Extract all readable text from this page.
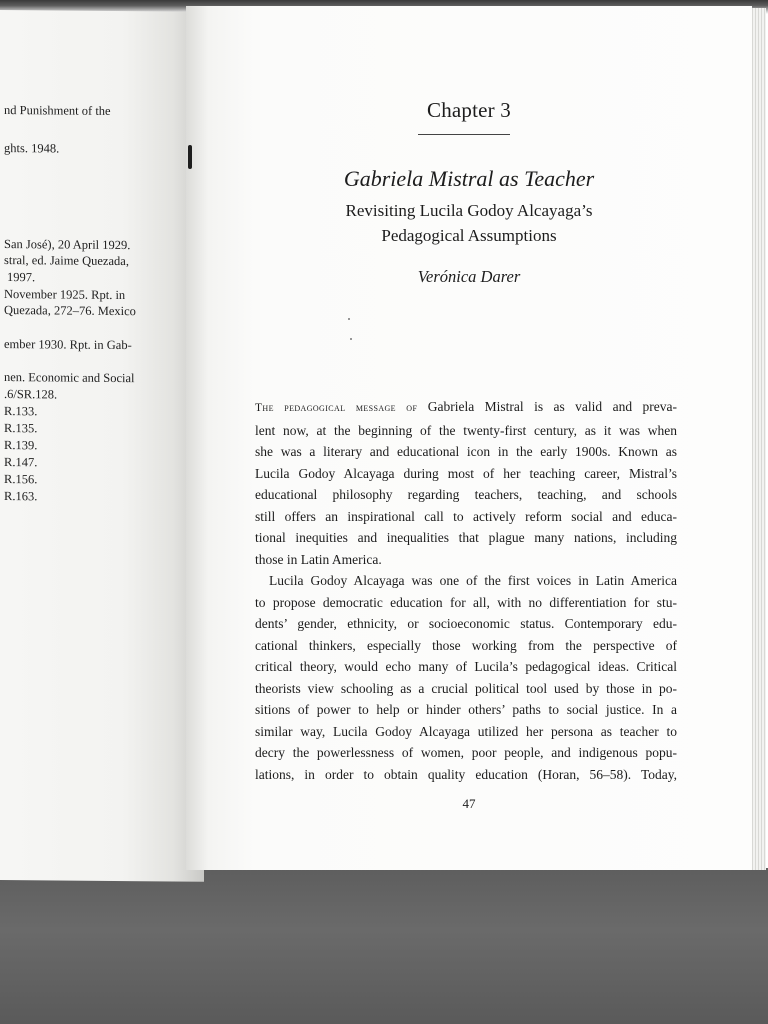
nd Punishment of the
ghts. 1948.
San José), 20 April 1929.
stral, ed. Jaime Quezada,
1997.
November 1925. Rpt. in
Quezada, 272–76. Mexico
ember 1930. Rpt. in Gab-
nen. Economic and Social
.6/SR.128.
R.133.
R.135.
R.139.
R.147.
R.156.
R.163.
Chapter 3
Gabriela Mistral as Teacher
Revisiting Lucila Godoy Alcayaga’s
Pedagogical Assumptions
Verónica Darer
The pedagogical message of Gabriela Mistral is as valid and preva-
lent now, at the beginning of the twenty-first century, as it was when
she was a literary and educational icon in the early 1900s. Known as
Lucila Godoy Alcayaga during most of her teaching career, Mistral’s
educational philosophy regarding teachers, teaching, and schools
still offers an inspirational call to actively reform social and educa-
tional inequities and inequalities that plague many nations, including
those in Latin America.
Lucila Godoy Alcayaga was one of the first voices in Latin America
to propose democratic education for all, with no differentiation for stu-
dents’ gender, ethnicity, or socioeconomic status. Contemporary edu-
cational thinkers, especially those working from the perspective of
critical theory, would echo many of Lucila’s pedagogical ideas. Critical
theorists view schooling as a crucial political tool used by those in po-
sitions of power to help or hinder others’ paths to social justice. In a
similar way, Lucila Godoy Alcayaga utilized her persona as teacher to
decry the powerlessness of women, poor people, and indigenous popu-
lations, in order to obtain quality education (Horan, 56–58). Today,
47
